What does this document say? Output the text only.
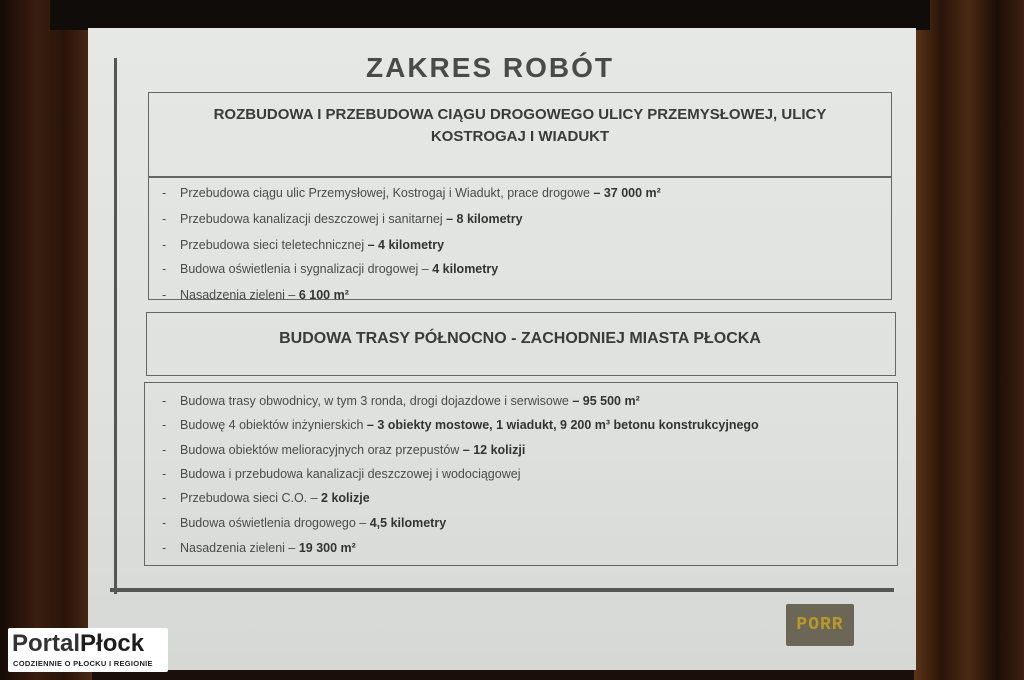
ZAKRES ROBÓT
ROZBUDOWA I PRZEBUDOWA CIĄGU DROGOWEGO ULICY PRZEMYSŁOWEJ, ULICY
KOSTROGAJ I WIADUKT
- Przebudowa ciągu ulic Przemysłowej, Kostrogaj i Wiadukt, prace drogowe – 37 000 m²
- Przebudowa kanalizacji deszczowej i sanitarnej – 8 kilometry
- Przebudowa sieci teletechnicznej – 4 kilometry
- Budowa oświetlenia i sygnalizacji drogowej – 4 kilometry
- Nasadzenia zieleni – 6 100 m²
BUDOWA TRASY PÓŁNOCNO - ZACHODNIEJ MIASTA PŁOCKA
- Budowa trasy obwodnicy, w tym 3 ronda, drogi dojazdowe i serwisowe – 95 500 m²
- Budowę 4 obiektów inżynierskich – 3 obiekty mostowe, 1 wiadukt, 9 200 m³ betonu konstrukcyjnego
- Budowa obiektów melioracyjnych oraz przepustów – 12 kolizji
- Budowa i przebudowa kanalizacji deszczowej i wodociągowej
- Przebudowa sieci C.O. – 2 kolizje
- Budowa oświetlenia drogowego – 4,5 kilometry
- Nasadzenia zieleni – 19 300 m²
PORR
PortalPłock
CODZIENNIE O PŁOCKU I REGIONIE
